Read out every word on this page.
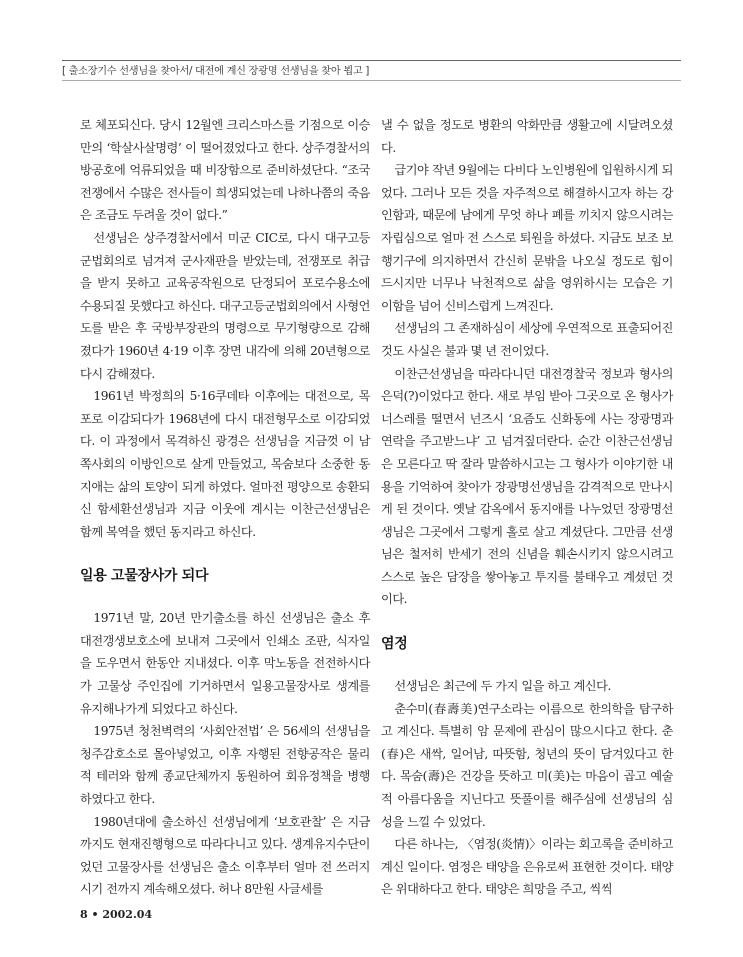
[ 출소장기수 선생님을 찾아서/ 대전에 계신 장광명 선생님을 찾아 뵙고 ]

로 체포되신다. 당시 12월엔 크리스마스를 기점으로 이승만의 ‘학살사살명령’ 이 떨어졌었다고 한다. 상주경찰서의 방공호에 억류되었을 때 비장함으로 준비하셨단다. “조국전쟁에서 수많은 전사들이 희생되었는데 나하나쯤의 죽음은 조금도 두려울 것이 없다.”

선생님은 상주경찰서에서 미군 CIC로, 다시 대구고등군법회의로 넘겨져 군사재판을 받았는데, 전쟁포로 취급을 받지 못하고 교육공작원으로 단정되어 포로수용소에 수용되질 못했다고 하신다. 대구고등군법회의에서 사형언도를 받은 후 국방부장관의 명령으로 무기형량으로 감해졌다가 1960년 4·19 이후 장면 내각에 의해 20년형으로 다시 감해졌다.

1961년 박정희의 5·16쿠데타 이후에는 대전으로, 목포로 이감되다가 1968년에 다시 대전형무소로 이감되었다. 이 과정에서 목격하신 광경은 선생님을 지금껏 이 남쪽사회의 이방인으로 살게 만들었고, 목숨보다 소중한 동지애는 삶의 토양이 되게 하였다. 얼마전 평양으로 송환되신 함세환선생님과 지금 이웃에 계시는 이찬근선생님은 함께 복역을 했던 동지라고 하신다.

일용 고물장사가 되다

1971년 말, 20년 만기출소를 하신 선생님은 출소 후 대전갱생보호소에 보내져 그곳에서 인쇄소 조판, 식자일을 도우면서 한동안 지내셨다. 이후 막노동을 전전하시다가 고물상 주인집에 기거하면서 일용고물장사로 생계를 유지해나가게 되었다고 하신다.

1975년 청천벽력의 ‘사회안전법’ 은 56세의 선생님을 청주감호소로 몰아넣었고, 이후 자행된 전향공작은 물리적 테러와 함께 종교단체까지 동원하여 회유정책을 병행하였다고 한다.

1980년대에 출소하신 선생님에게 ‘보호관찰’ 은 지금까지도 현재진행형으로 따라다니고 있다. 생계유지수단이었던 고물장사를 선생님은 출소 이후부터 얼마 전 쓰러지시기 전까지 계속해오셨다. 허나 8만원 사글세를

낼 수 없을 정도로 병환의 악화만큼 생활고에 시달려오셨다.

급기야 작년 9월에는 다비다 노인병원에 입원하시게 되었다. 그러나 모든 것을 자주적으로 해결하시고자 하는 강인함과, 때문에 남에게 무엇 하나 폐를 끼치지 않으시려는 자립심으로 얼마 전 스스로 퇴원을 하셨다. 지금도 보조 보행기구에 의지하면서 간신히 문밖을 나오실 정도로 힘이 드시지만 너무나 낙천적으로 삶을 영위하시는 모습은 기이함을 넘어 신비스럽게 느껴진다.

선생님의 그 존재하심이 세상에 우연적으로 표출되어진 것도 사실은 불과 몇 년 전이었다.

이찬근선생님을 따라다니던 대전경찰국 정보과 형사의 은덕(?)이었다고 한다. 새로 부임 받아 그곳으로 온 형사가 너스레를 떨면서 넌즈시 ‘요즘도 신화동에 사는 장광명과 연락을 주고받느냐’ 고 넘겨짚더란다. 순간 이찬근선생님은 모른다고 딱 잘라 말씀하시고는 그 형사가 이야기한 내용을 기억하여 찾아가 장광명선생님을 감격적으로 만나시게 된 것이다. 옛날 감옥에서 동지애를 나누었던 장광명선생님은 그곳에서 그렇게 홀로 살고 계셨단다. 그만큼 선생님은 철저히 반세기 전의 신념을 훼손시키지 않으시려고 스스로 높은 담장을 쌓아놓고 투지를 불태우고 계셨던 것이다.

염정

선생님은 최근에 두 가지 일을 하고 계신다.

춘수미(春壽美)연구소라는 이름으로 한의학을 탐구하고 계신다. 특별히 암 문제에 관심이 많으시다고 한다. 춘(春)은 새싹, 일어남, 따뜻함, 청년의 뜻이 담겨있다고 한다. 목숨(壽)은 건강을 뜻하고 미(美)는 마음이 곱고 예술적 아름다움을 지닌다고 뜻풀이를 해주심에 선생님의 심성을 느낄 수 있었다.

다른 하나는, 〈염정(炎情)〉이라는 회고록을 준비하고 계신 일이다. 염정은 태양을 은유로써 표현한 것이다. 태양은 위대하다고 한다. 태양은 희망을 주고, 씩씩

8 • 2002.04
